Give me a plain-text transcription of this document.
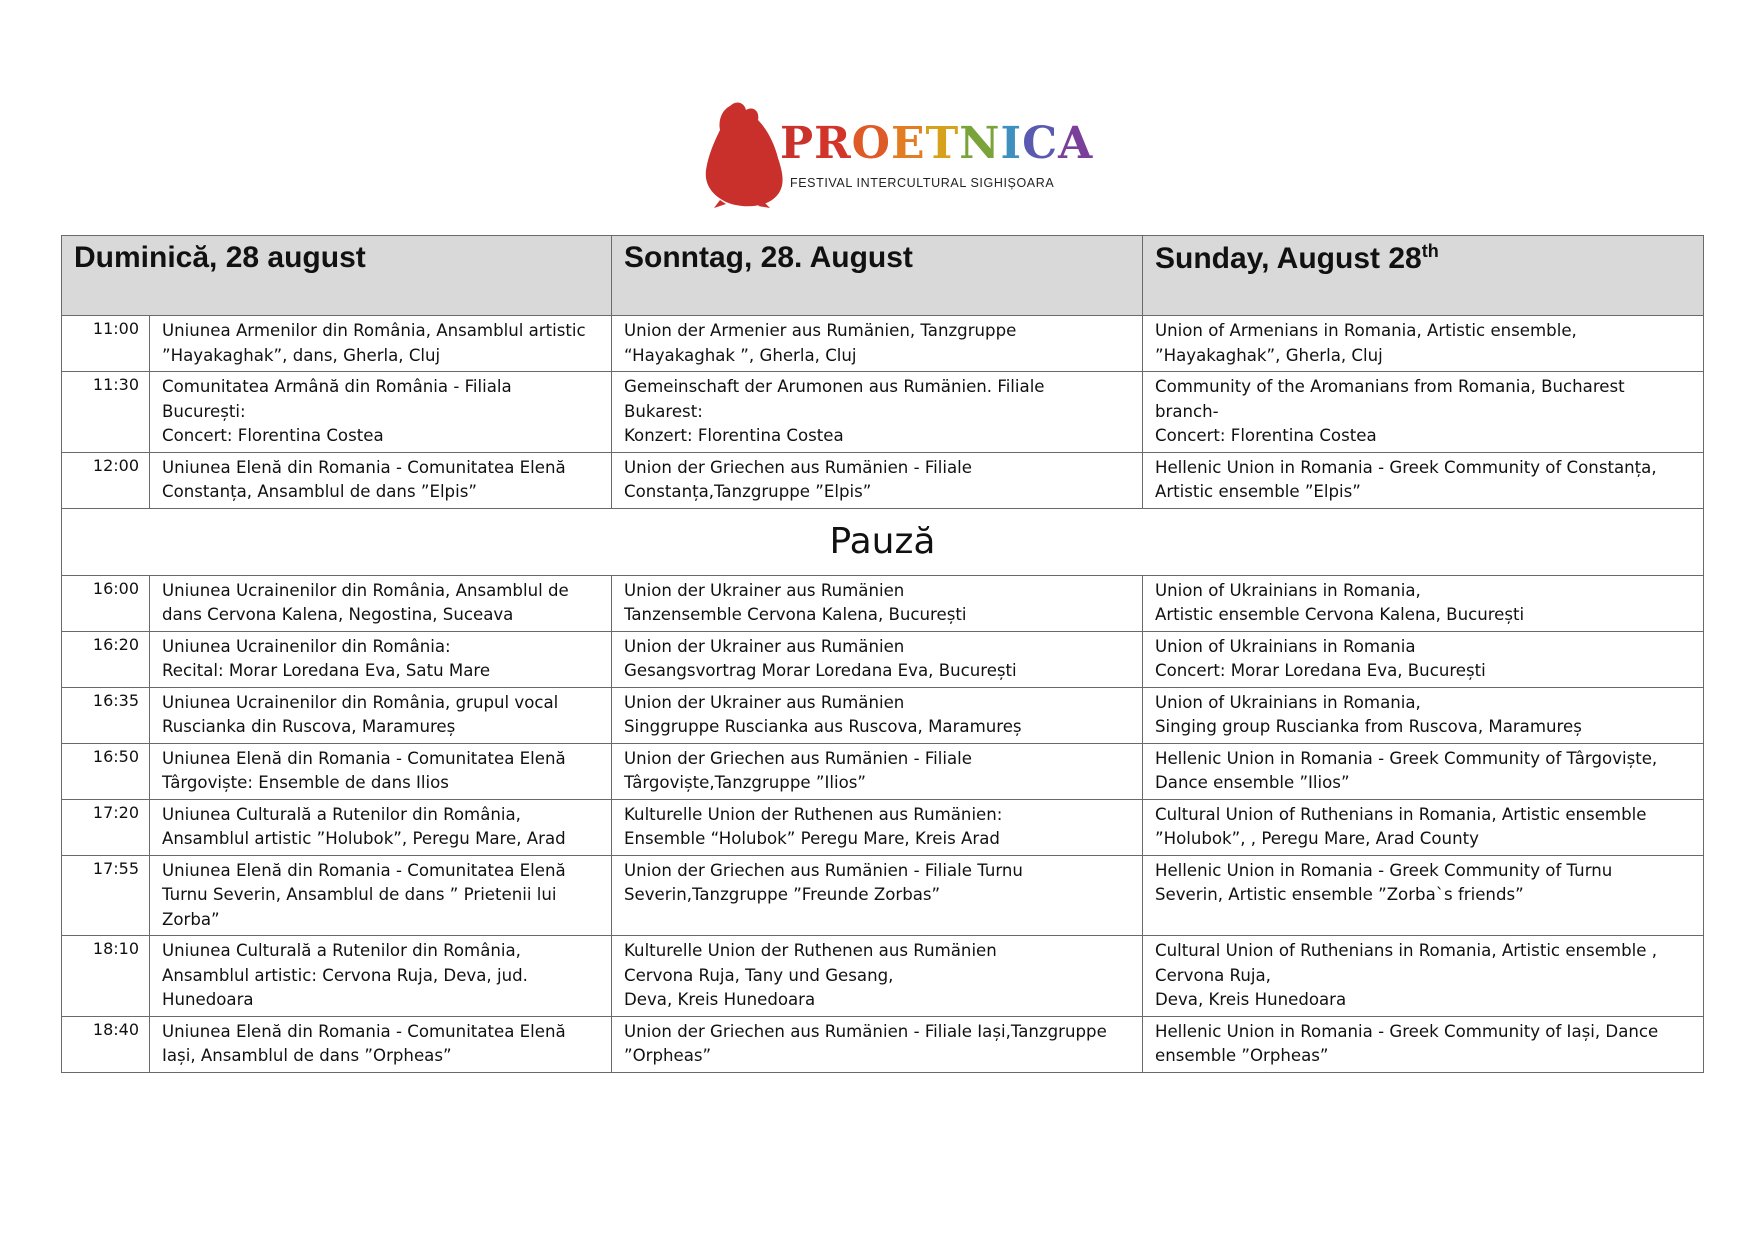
PROETNICA
FESTIVAL INTERCULTURAL SIGHIȘOARA
Duminică, 28 august		Sonntag, 28. August	Sunday, August 28th
11:00	Uniunea Armenilor din România, Ansamblul artistic
”Hayakaghak”, dans, Gherla, Cluj	Union der Armenier aus Rumänien, Tanzgruppe
“Hayakaghak ”, Gherla, Cluj	Union of Armenians in Romania, Artistic ensemble,
”Hayakaghak”, Gherla, Cluj

11:30	Comunitatea Armână din România - Filiala
București:
Concert: Florentina Costea	Gemeinschaft der Arumonen aus Rumänien. Filiale
Bukarest:
Konzert: Florentina Costea	Community of the Aromanians from Romania, Bucharest
branch-
Concert: Florentina Costea

12:00	Uniunea Elenă din Romania - Comunitatea Elenă
Constanța, Ansamblul de dans ”Elpis”	Union der Griechen aus Rumänien - Filiale
Constanța,Tanzgruppe ”Elpis”	Hellenic Union in Romania - Greek Community of Constanța,
Artistic ensemble ”Elpis”

Pauză			
16:00	Uniunea Ucrainenilor din România, Ansamblul de
dans Cervona Kalena, Negostina, Suceava	Union der Ukrainer aus Rumänien
Tanzensemble Cervona Kalena, București	Union of Ukrainians in Romania,
Artistic ensemble Cervona Kalena, București

16:20	Uniunea Ucrainenilor din România:
Recital: Morar Loredana Eva, Satu Mare	Union der Ukrainer aus Rumänien
Gesangsvortrag Morar Loredana Eva, București	Union of Ukrainians in Romania
Concert: Morar Loredana Eva, București

16:35	Uniunea Ucrainenilor din România, grupul vocal
Ruscianka din Ruscova, Maramureș	Union der Ukrainer aus Rumänien
Singgruppe Ruscianka aus Ruscova, Maramureș	Union of Ukrainians in Romania,
Singing group Ruscianka from Ruscova, Maramureș

16:50	Uniunea Elenă din Romania - Comunitatea Elenă
Târgoviște: Ensemble de dans Ilios	Union der Griechen aus Rumänien - Filiale
Târgoviște,Tanzgruppe ”Ilios”	Hellenic Union in Romania - Greek Community of Târgoviște,
Dance ensemble ”Ilios”

17:20	Uniunea Culturală a Rutenilor din România,
Ansamblul artistic ”Holubok”, Peregu Mare, Arad	Kulturelle Union der Ruthenen aus Rumänien:
Ensemble “Holubok” Peregu Mare, Kreis Arad	Cultural Union of Ruthenians in Romania, Artistic ensemble
”Holubok”, , Peregu Mare, Arad County

17:55	Uniunea Elenă din Romania - Comunitatea Elenă
Turnu Severin, Ansamblul de dans ” Prietenii lui
Zorba”	Union der Griechen aus Rumänien - Filiale Turnu
Severin,Tanzgruppe ”Freunde Zorbas”	Hellenic Union in Romania - Greek Community of Turnu
Severin, Artistic ensemble ”Zorba`s friends”

18:10	Uniunea Culturală a Rutenilor din România,
Ansamblul artistic: Cervona Ruja, Deva, jud.
Hunedoara	Kulturelle Union der Ruthenen aus Rumänien
Cervona Ruja, Tany und Gesang,
Deva, Kreis Hunedoara	Cultural Union of Ruthenians in Romania, Artistic ensemble ,
Cervona Ruja,
Deva, Kreis Hunedoara

18:40	Uniunea Elenă din Romania - Comunitatea Elenă
Iași, Ansamblul de dans ”Orpheas”	Union der Griechen aus Rumänien - Filiale Iași,Tanzgruppe
”Orpheas”	Hellenic Union in Romania - Greek Community of Iași, Dance
ensemble ”Orpheas”
